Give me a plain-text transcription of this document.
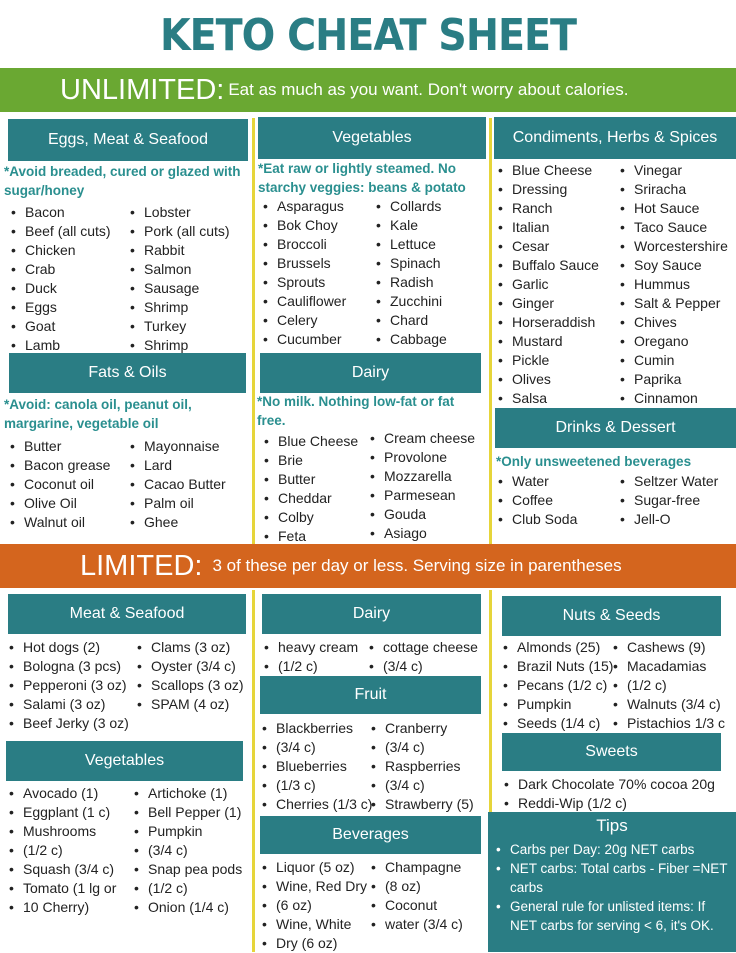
KETO CHEAT SHEET
UNLIMITED: Eat as much as you want. Don't worry about calories.
Eggs, Meat & Seafood
*Avoid breaded, cured or glazed with sugar/honey
• Bacon
• Beef (all cuts)
• Chicken
• Crab
• Duck
• Eggs
• Goat
• Lamb
• Lobster
• Pork (all cuts)
• Rabbit
• Salmon
• Sausage
• Shrimp
• Turkey
• Shrimp
Vegetables
*Eat raw or lightly steamed. No starchy veggies: beans & potato
• Asparagus
• Bok Choy
• Broccoli
• Brussels
• Sprouts
• Cauliflower
• Celery
• Cucumber
• Collards
• Kale
• Lettuce
• Spinach
• Radish
• Zucchini
• Chard
• Cabbage
Condiments, Herbs & Spices
• Blue Cheese
• Dressing
• Ranch
• Italian
• Cesar
• Buffalo Sauce
• Garlic
• Ginger
• Horseraddish
• Mustard
• Pickle
• Olives
• Salsa
• Vinegar
• Sriracha
• Hot Sauce
• Taco Sauce
• Worcestershire
• Soy Sauce
• Hummus
• Salt & Pepper
• Chives
• Oregano
• Cumin
• Paprika
• Cinnamon
Fats & Oils
*Avoid: canola oil, peanut oil, margarine, vegetable oil
• Butter
• Bacon grease
• Coconut oil
• Olive Oil
• Walnut oil
• Mayonnaise
• Lard
• Cacao Butter
• Palm oil
• Ghee
Dairy
*No milk. Nothing low-fat or fat free.
• Blue Cheese
• Brie
• Butter
• Cheddar
• Colby
• Feta
• Cream cheese
• Provolone
• Mozzarella
• Parmesean
• Gouda
• Asiago
Drinks & Dessert
*Only unsweetened beverages
• Water
• Coffee
• Club Soda
• Seltzer Water
• Sugar-free
• Jell-O
LIMITED: 3 of these per day or less. Serving size in parentheses
Meat & Seafood
• Hot dogs (2)
• Bologna (3 pcs)
• Pepperoni (3 oz)
• Salami (3 oz)
• Beef Jerky (3 oz)
• Clams (3 oz)
• Oyster (3/4 c)
• Scallops (3 oz)
• SPAM (4 oz)
Dairy
• heavy cream
• (1/2 c)
• cottage cheese
• (3/4 c)
Nuts & Seeds
• Almonds (25)
• Brazil Nuts (15)
• Pecans (1/2 c)
• Pumpkin
• Seeds (1/4 c)
• Cashews (9)
• Macadamias
• (1/2 c)
• Walnuts (3/4 c)
• Pistachios 1/3 c
Vegetables
• Avocado (1)
• Eggplant (1 c)
• Mushrooms
• (1/2 c)
• Squash (3/4 c)
• Tomato (1 lg or
• 10 Cherry)
• Artichoke (1)
• Bell Pepper (1)
• Pumpkin
• (3/4 c)
• Snap pea pods
• (1/2 c)
• Onion (1/4 c)
Fruit
• Blackberries
• (3/4 c)
• Blueberries
• (1/3 c)
• Cherries (1/3 c)
• Cranberry
• (3/4 c)
• Raspberries
• (3/4 c)
• Strawberry (5)
Sweets
• Dark Chocolate 70% cocoa 20g
• Reddi-Wip (1/2 c)
Beverages
• Liquor (5 oz)
• Wine, Red Dry
• (6 oz)
• Wine, White
• Dry (6 oz)
• Champagne
• (8 oz)
• Coconut
• water (3/4 c)
Tips
• Carbs per Day: 20g NET carbs
• NET carbs: Total carbs - Fiber =NET carbs
• General rule for unlisted items: If NET carbs for serving < 6, it's OK.
